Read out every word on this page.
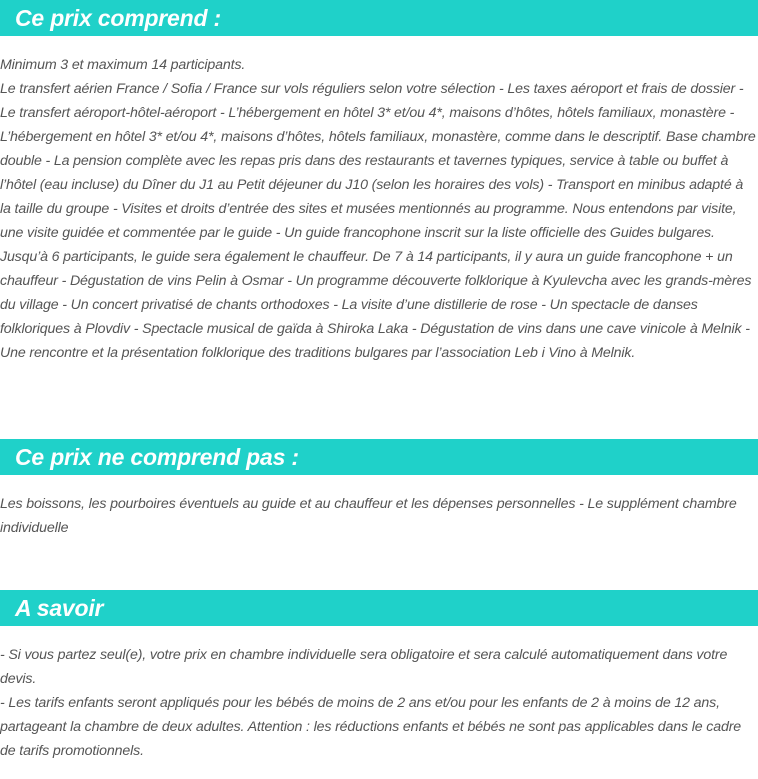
Ce prix comprend :

Minimum 3 et maximum 14 participants.

Le transfert aérien France / Sofia / France sur vols réguliers selon votre sélection - Les taxes aéroport et frais de dossier - Le transfert aéroport-hôtel-aéroport - L’hébergement en hôtel 3* et/ou 4*, maisons d’hôtes, hôtels familiaux, monastère - L’hébergement en hôtel 3* et/ou 4*, maisons d’hôtes, hôtels familiaux, monastère, comme dans le descriptif. Base chambre double - La pension complète avec les repas pris dans des restaurants et tavernes typiques, service à table ou buffet à l’hôtel (eau incluse) du Dîner du J1 au Petit déjeuner du J10 (selon les horaires des vols) - Transport en minibus adapté à la taille du groupe - Visites et droits d’entrée des sites et musées mentionnés au programme. Nous entendons par visite, une visite guidée et commentée par le guide - Un guide francophone inscrit sur la liste officielle des Guides bulgares. Jusqu’à 6 participants, le guide sera également le chauffeur. De 7 à 14 participants, il y aura un guide francophone + un chauffeur - Dégustation de vins Pelin à Osmar - Un programme découverte folklorique à Kyulevcha avec les grands-mères du village - Un concert privatisé de chants orthodoxes - La visite d’une distillerie de rose - Un spectacle de danses folkloriques à Plovdiv - Spectacle musical de gaïda à Shiroka Laka - Dégustation de vins dans une cave vinicole à Melnik - Une rencontre et la présentation folklorique des traditions bulgares par l’association Leb i Vino à Melnik.

Ce prix ne comprend pas :

Les boissons, les pourboires éventuels au guide et au chauffeur et les dépenses personnelles - Le supplément chambre individuelle

A savoir

- Si vous partez seul(e), votre prix en chambre individuelle sera obligatoire et sera calculé automatiquement dans votre devis.

- Les tarifs enfants seront appliqués pour les bébés de moins de 2 ans et/ou pour les enfants de 2 à moins de 12 ans, partageant la chambre de deux adultes. Attention : les réductions enfants et bébés ne sont pas applicables dans le cadre de tarifs promotionnels.
